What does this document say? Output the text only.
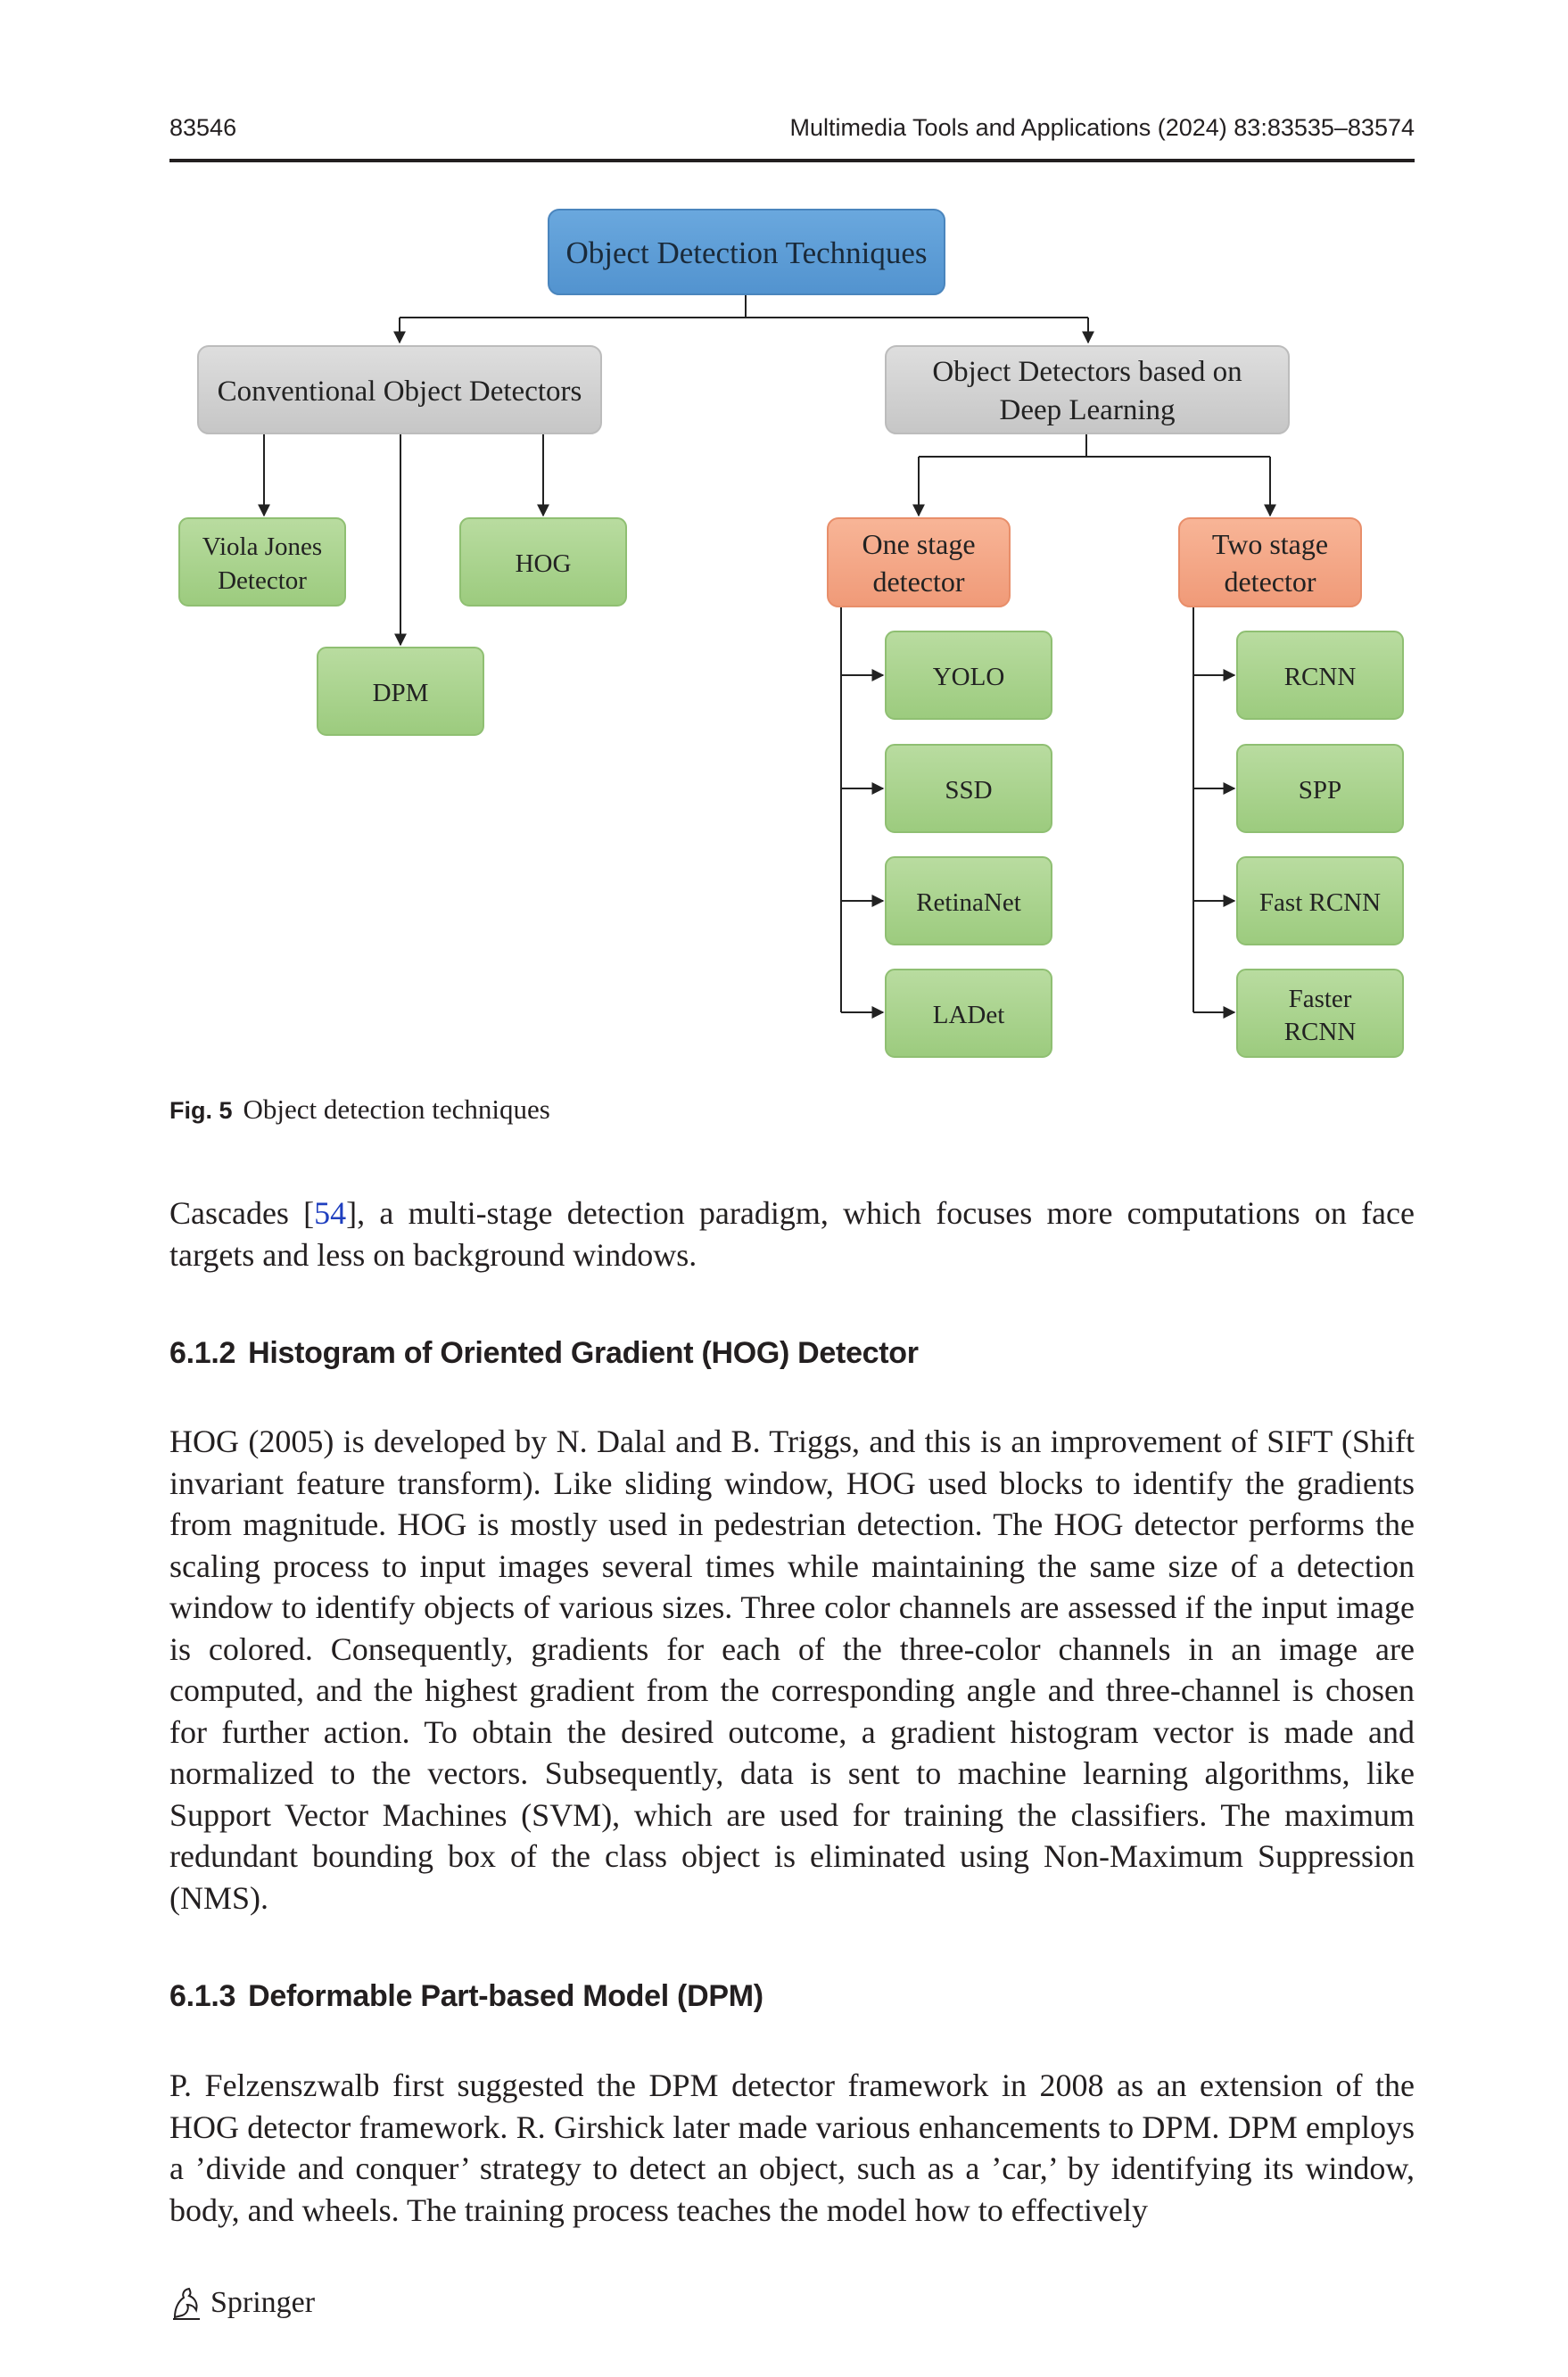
83546	Multimedia Tools and Applications (2024) 83:83535–83574
Object Detection Techniques
Conventional Object Detectors
Object Detectors based on
Deep Learning
Viola Jones
Detector
HOG
DPM
One stage
detector
Two stage
detector
YOLO
SSD
RetinaNet
LADet
RCNN
SPP
Fast RCNN
Faster
RCNN
Fig. 5 Object detection techniques
Cascades [54], a multi-stage detection paradigm, which focuses more computations on face targets and less on background windows.
6.1.2 Histogram of Oriented Gradient (HOG) Detector
HOG (2005) is developed by N. Dalal and B. Triggs, and this is an improvement of SIFT (Shift invariant feature transform). Like sliding window, HOG used blocks to identify the gradients from magnitude. HOG is mostly used in pedestrian detection. The HOG detector performs the scaling process to input images several times while maintaining the same size of a detection window to identify objects of various sizes. Three color channels are assessed if the input image is colored. Consequently, gradients for each of the three-color channels in an image are computed, and the highest gradient from the corresponding angle and three-channel is chosen for further action. To obtain the desired outcome, a gradient histogram vector is made and normalized to the vectors. Subsequently, data is sent to machine learning algorithms, like Support Vector Machines (SVM), which are used for training the classifiers. The maximum redundant bounding box of the class object is eliminated using Non-Maximum Suppression (NMS).
6.1.3 Deformable Part-based Model (DPM)
P. Felzenszwalb first suggested the DPM detector framework in 2008 as an extension of the HOG detector framework. R. Girshick later made various enhancements to DPM. DPM employs a ’divide and conquer’ strategy to detect an object, such as a ’car,’ by identifying its window, body, and wheels. The training process teaches the model how to effectively
Springer
